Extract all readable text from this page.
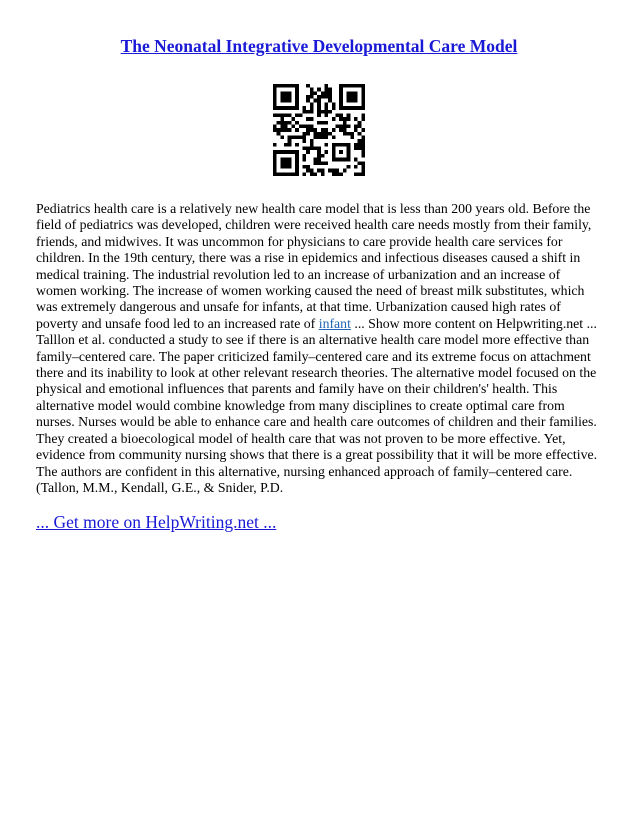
The Neonatal Integrative Developmental Care Model

Pediatrics health care is a relatively new health care model that is less than 200 years old. Before the field of pediatrics was developed, children were received health care needs mostly from their family, friends, and midwives. It was uncommon for physicians to care provide health care services for children. In the 19th century, there was a rise in epidemics and infectious diseases caused a shift in medical training. The industrial revolution led to an increase of urbanization and an increase of women working. The increase of women working caused the need of breast milk substitutes, which was extremely dangerous and unsafe for infants, at that time. Urbanization caused high rates of poverty and unsafe food led to an increased rate of infant ... Show more content on Helpwriting.net ... Talllon et al. conducted a study to see if there is an alternative health care model more effective than family–centered care. The paper criticized family–centered care and its extreme focus on attachment there and its inability to look at other relevant research theories. The alternative model focused on the physical and emotional influences that parents and family have on their children's' health. This alternative model would combine knowledge from many disciplines to create optimal care from nurses. Nurses would be able to enhance care and health care outcomes of children and their families. They created a bioecological model of health care that was not proven to be more effective. Yet, evidence from community nursing shows that there is a great possibility that it will be more effective. The authors are confident in this alternative, nursing enhanced approach of family–centered care. (Tallon, M.M., Kendall, G.E., & Snider, P.D.

... Get more on HelpWriting.net ...
